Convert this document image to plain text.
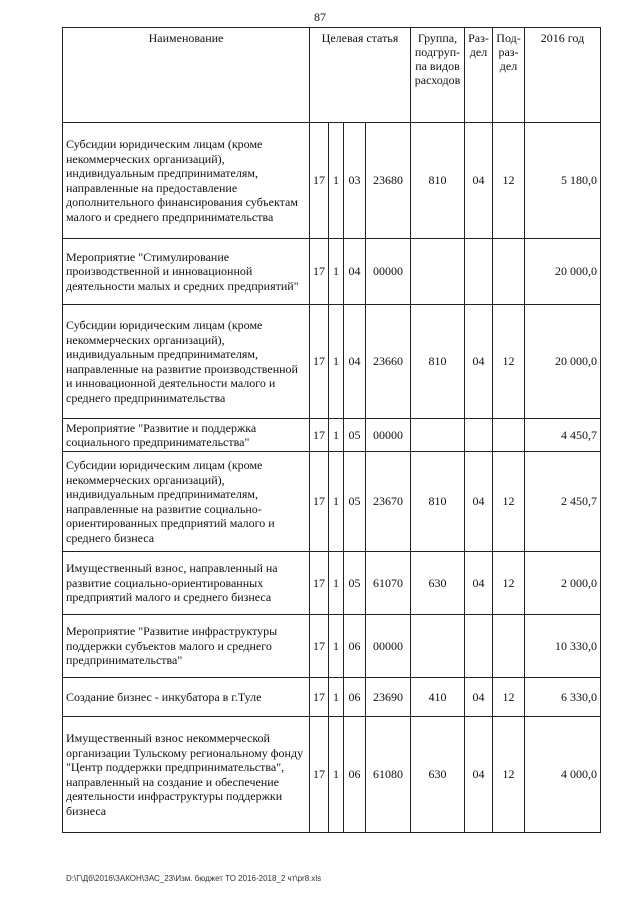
87
Наименование	Целевая статья				Группа, подгруп-па видов расходов	Раз-дел	Под-раз-дел	2016 год
Субсидии юридическим лицам (кроме некоммерческих организаций), индивидуальным предпринимателям, направленные на предоставление дополнительного финансирования субъектам малого и среднего предпринимательства	17	1	03	23680	810	04	12	5 180,0
Мероприятие "Стимулирование производственной и инновационной деятельности малых и средних предприятий"	17	1	04	00000				20 000,0
Субсидии юридическим лицам (кроме некоммерческих организаций), индивидуальным предпринимателям, направленные на развитие производственной и инновационной деятельности малого и среднего предпринимательства	17	1	04	23660	810	04	12	20 000,0
Мероприятие "Развитие и поддержка социального предпринимательства"	17	1	05	00000				4 450,7
Субсидии юридическим лицам (кроме некоммерческих организаций), индивидуальным предпринимателям, направленные на развитие социально-ориентированных предприятий малого и среднего бизнеса	17	1	05	23670	810	04	12	2 450,7
Имущественный взнос, направленный на развитие социально-ориентированных предприятий малого и среднего бизнеса	17	1	05	61070	630	04	12	2 000,0
Мероприятие "Развитие инфраструктуры поддержки субъектов малого и среднего предпринимательства"	17	1	06	00000				10 330,0
Создание бизнес - инкубатора в г.Туле	17	1	06	23690	410	04	12	6 330,0
Имущественный взнос некоммерческой организации Тульскому региональному фонду "Центр поддержки предпринимательства", направленный на создание и обеспечение деятельности инфраструктуры поддержки бизнеса	17	1	06	61080	630	04	12	4 000,0
D:\Г\Дб\2016\ЗАКОН\ЗАС_23\Изм. бюджет ТО 2016-2018_2 чт\pr8.xls
